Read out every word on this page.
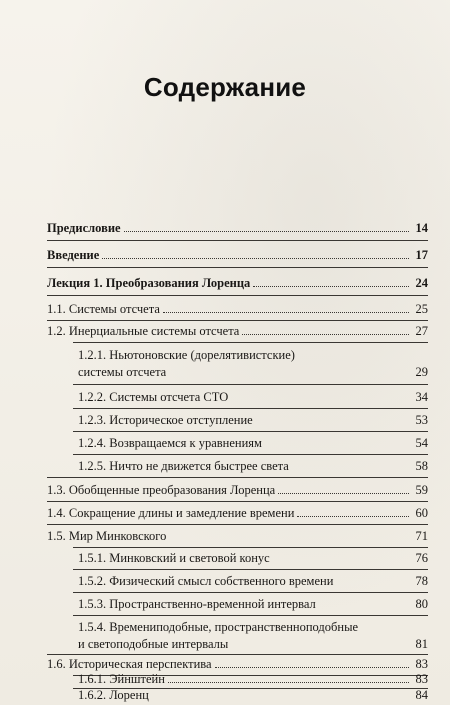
Содержание
Предисловие	14
Введение	17
Лекция 1. Преобразования Лоренца	24
1.1. Системы отсчета	25
1.2. Инерциальные системы отсчета	27
1.2.1. Ньютоновские (дорелятивистские)
системы отсчета	29
1.2.2. Системы отсчета СТО	34
1.2.3. Историческое отступление	53
1.2.4. Возвращаемся к уравнениям	54
1.2.5. Ничто не движется быстрее света	58
1.3. Обобщенные преобразования Лоренца	59
1.4. Сокращение длины и замедление времени	60
1.5. Мир Минковского	71
1.5.1. Минковский и световой конус	76
1.5.2. Физический смысл собственного времени	78
1.5.3. Пространственно-временной интервал	80
1.5.4. Времениподобные, пространственноподобные
и светоподобные интервалы	81
1.6. Историческая перспектива	83
1.6.1. Эйнштейн	83
1.6.2. Лоренц	84
